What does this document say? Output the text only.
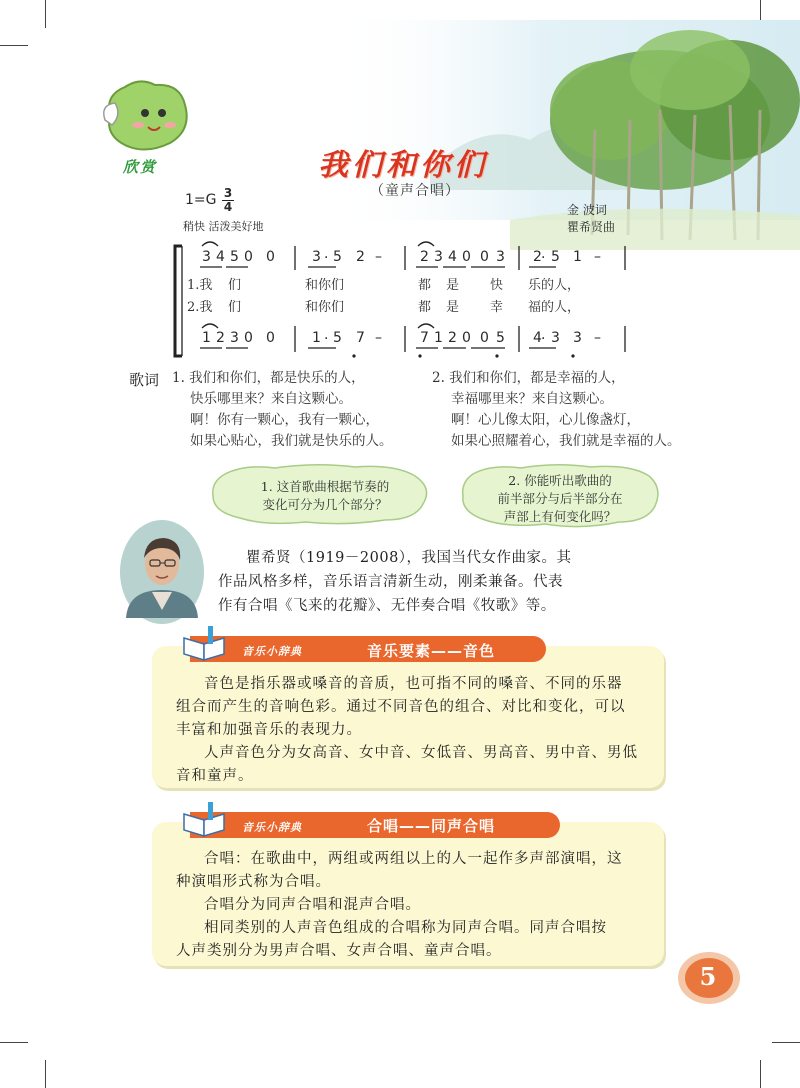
欣赏	我们和你们
（童声合唱）
1=G 3
4
稍快 活泼美好地
金 波词
瞿希贤曲
3 4 5 0 0	3 5 2 –	2 3 4 0 0 3 2 5 1 –
·	·
1 2 3 0 0	1 5 7 –	7 1 2 0 0 5 4 3 3 –
·	·
1.我 们	和你们	都 是 快 乐的人，
2.我 们	和你们	都 是 幸 福的人，
歌词 1. 我们和你们，都是快乐的人，
快乐哪里来？来自这颗心。
啊！你有一颗心，我有一颗心，
如果心贴心，我们就是快乐的人。
2. 我们和你们，都是幸福的人，
幸福哪里来？来自这颗心。
啊！心儿像太阳，心儿像盏灯，
如果心照耀着心，我们就是幸福的人。
1. 这首歌曲根据节奏的
变化可分为几个部分？
2. 你能听出歌曲的
前半部分与后半部分在
声部上有何变化吗？
瞿希贤（1919－2008），我国当代女作曲家。其
作品风格多样，音乐语言清新生动，刚柔兼备。代表
作有合唱《飞来的花瓣》、无伴奏合唱《牧歌》等。
音乐小辞典	音乐要素——音色
音色是指乐器或嗓音的音质，也可指不同的嗓音、不同的乐器
组合而产生的音响色彩。通过不同音色的组合、对比和变化，可以
丰富和加强音乐的表现力。
人声音色分为女高音、女中音、女低音、男高音、男中音、男低
音和童声。
音乐小辞典	合唱——同声合唱
合唱：在歌曲中，两组或两组以上的人一起作多声部演唱，这
种演唱形式称为合唱。
合唱分为同声合唱和混声合唱。
相同类别的人声音色组成的合唱称为同声合唱。同声合唱按
人声类别分为男声合唱、女声合唱、童声合唱。
5
